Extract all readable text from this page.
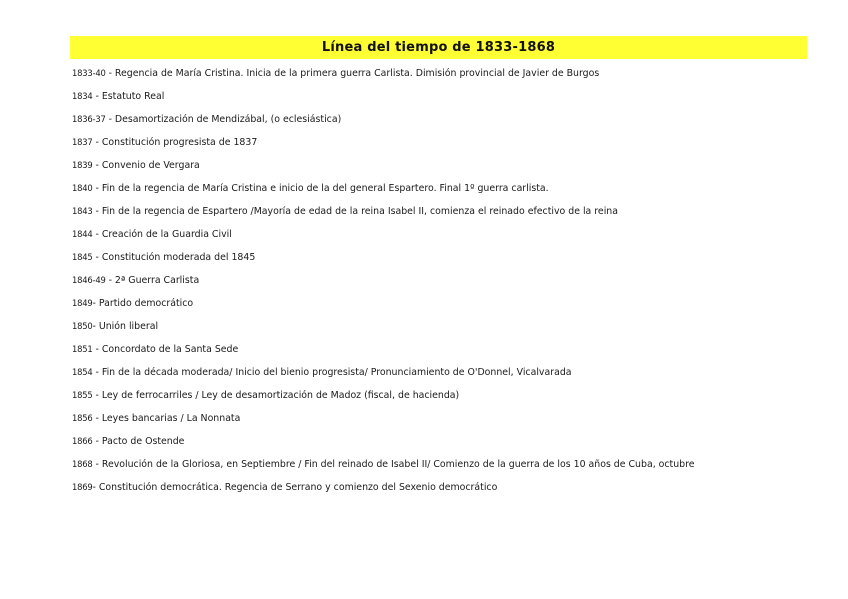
Línea del tiempo de 1833-1868
1833-40 - Regencia de María Cristina. Inicia de la primera guerra Carlista. Dimisión provincial de Javier de Burgos
1834 - Estatuto Real
1836-37 - Desamortización de Mendizábal, (o eclesiástica)
1837 - Constitución progresista de 1837
1839 - Convenio de Vergara
1840 - Fin de la regencia de María Cristina e inicio de la del general Espartero. Final 1º guerra carlista.
1843 - Fin de la regencia de Espartero /Mayoría de edad de la reina Isabel II, comienza el reinado efectivo de la reina
1844 - Creación de la Guardia Civil
1845 - Constitución moderada del 1845
1846-49 - 2ª Guerra Carlista
1849- Partido democrático
1850- Unión liberal
1851 - Concordato de la Santa Sede
1854 - Fin de la década moderada/ Inicio del bienio progresista/ Pronunciamiento de O'Donnel, Vicalvarada
1855 - Ley de ferrocarriles / Ley de desamortización de Madoz (fiscal, de hacienda)
1856 - Leyes bancarias / La Nonnata
1866 - Pacto de Ostende
1868 - Revolución de la Gloriosa, en Septiembre / Fin del reinado de Isabel II/ Comienzo de la guerra de los 10 años de Cuba, octubre
1869- Constitución democrática. Regencia de Serrano y comienzo del Sexenio democrático
